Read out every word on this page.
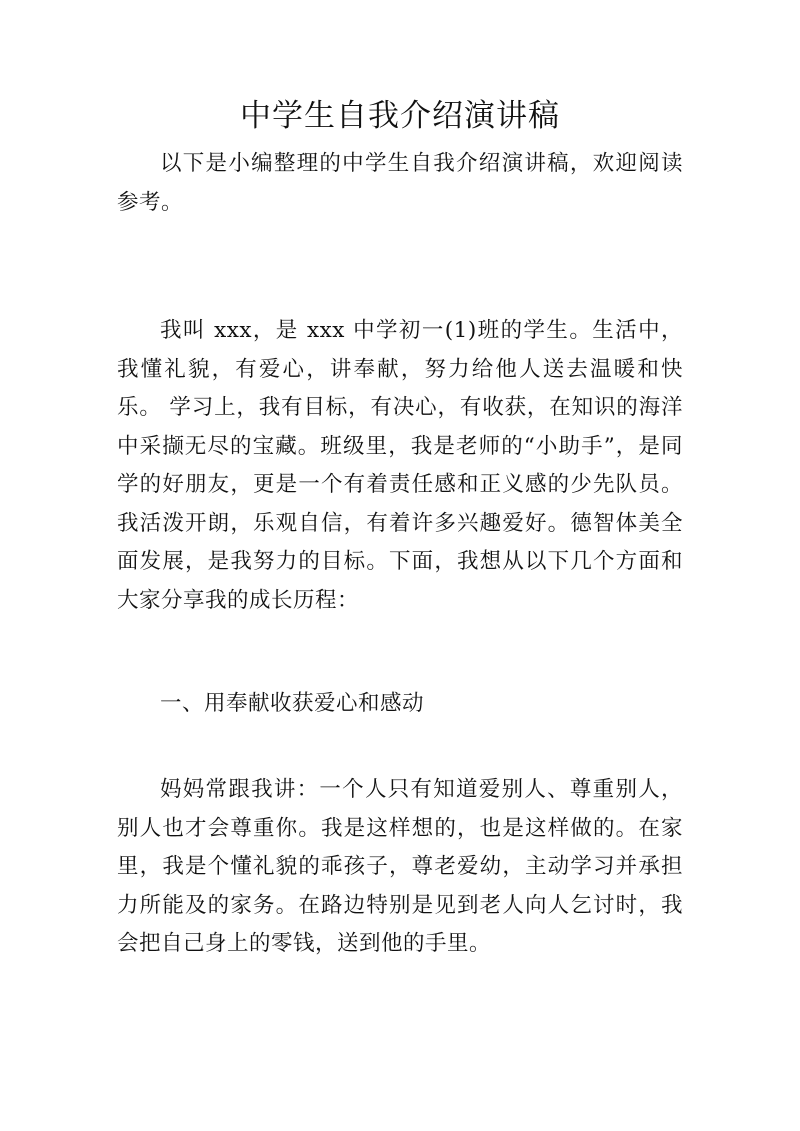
中学生自我介绍演讲稿

以下是小编整理的中学生自我介绍演讲稿，欢迎阅读参考。

我叫 xxx，是 xxx 中学初一(1)班的学生。生活中，我懂礼貌，有爱心，讲奉献，努力给他人送去温暖和快乐。 学习上，我有目标，有决心，有收获，在知识的海洋中采撷无尽的宝藏。班级里，我是老师的“小助手”，是同学的好朋友，更是一个有着责任感和正义感的少先队员。我活泼开朗，乐观自信，有着许多兴趣爱好。德智体美全面发展，是我努力的目标。下面，我想从以下几个方面和大家分享我的成长历程：

一、用奉献收获爱心和感动

妈妈常跟我讲：一个人只有知道爱别人、尊重别人，别人也才会尊重你。我是这样想的，也是这样做的。在家里，我是个懂礼貌的乖孩子，尊老爱幼，主动学习并承担力所能及的家务。在路边特别是见到老人向人乞讨时，我会把自己身上的零钱，送到他的手里。
